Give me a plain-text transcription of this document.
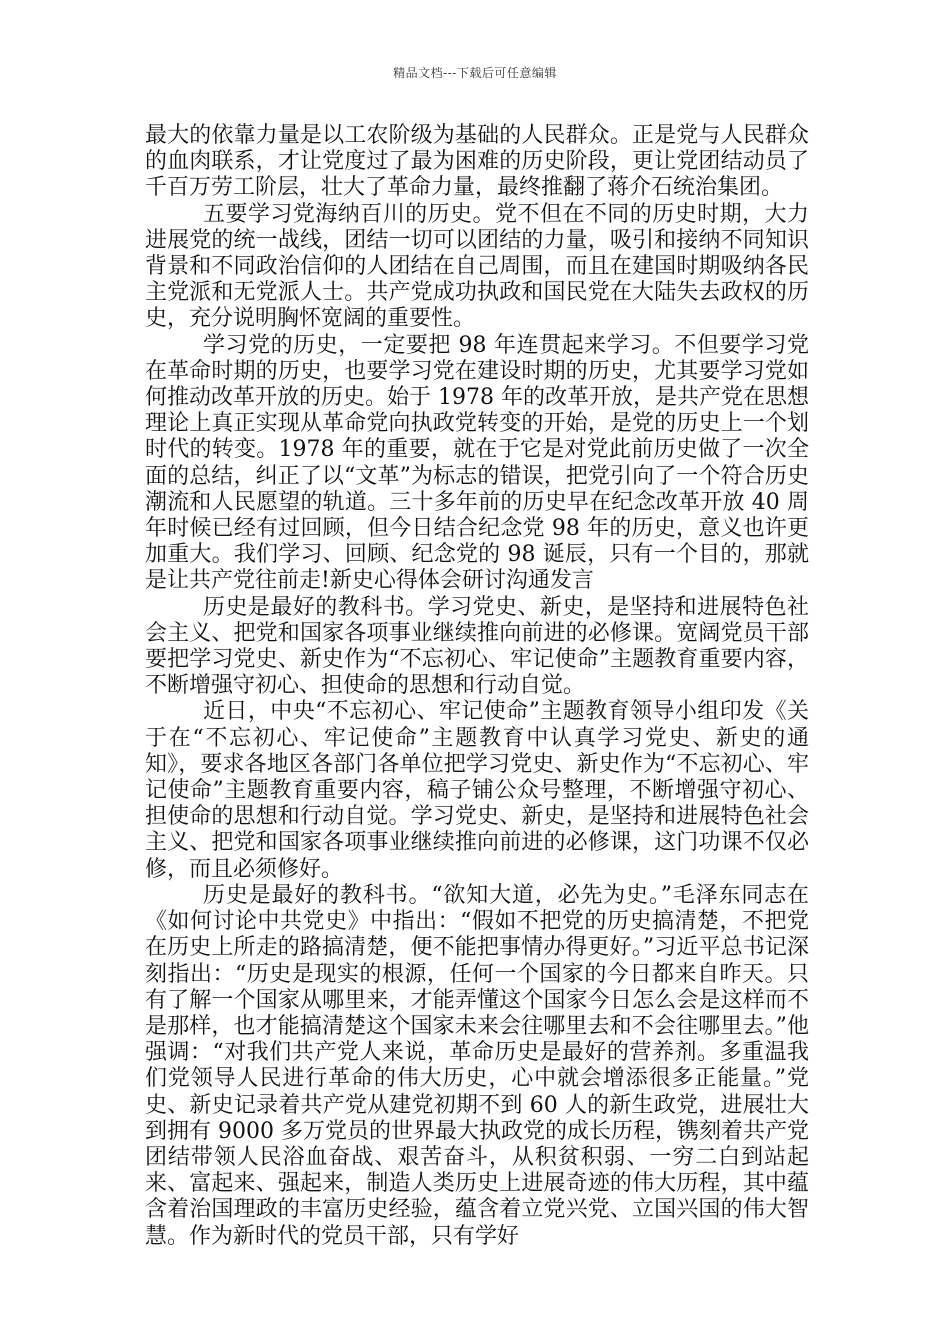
精品文档---下载后可任意编辑

最大的依靠力量是以工农阶级为基础的人民群众。正是党与人民群众的血肉联系，才让党度过了最为困难的历史阶段，更让党团结动员了千百万劳工阶层，壮大了革命力量，最终推翻了蒋介石统治集团。

五要学习党海纳百川的历史。党不但在不同的历史时期，大力进展党的统一战线，团结一切可以团结的力量，吸引和接纳不同知识背景和不同政治信仰的人团结在自己周围，而且在建国时期吸纳各民主党派和无党派人士。共产党成功执政和国民党在大陆失去政权的历史，充分说明胸怀宽阔的重要性。

学习党的历史，一定要把 98 年连贯起来学习。不但要学习党在革命时期的历史，也要学习党在建设时期的历史，尤其要学习党如何推动改革开放的历史。始于 1978 年的改革开放，是共产党在思想理论上真正实现从革命党向执政党转变的开始，是党的历史上一个划时代的转变。1978 年的重要，就在于它是对党此前历史做了一次全面的总结，纠正了以“文革”为标志的错误，把党引向了一个符合历史潮流和人民愿望的轨道。三十多年前的历史早在纪念改革开放 40 周年时候已经有过回顾，但今日结合纪念党 98 年的历史，意义也许更加重大。我们学习、回顾、纪念党的 98 诞辰，只有一个目的，那就是让共产党往前走!新史心得体会研讨沟通发言

历史是最好的教科书。学习党史、新史，是坚持和进展特色社会主义、把党和国家各项事业继续推向前进的必修课。宽阔党员干部要把学习党史、新史作为“不忘初心、牢记使命”主题教育重要内容，不断增强守初心、担使命的思想和行动自觉。

近日，中央“不忘初心、牢记使命”主题教育领导小组印发《关于在“不忘初心、牢记使命”主题教育中认真学习党史、新史的通知》，要求各地区各部门各单位把学习党史、新史作为“不忘初心、牢记使命”主题教育重要内容，稿子铺公众号整理，不断增强守初心、担使命的思想和行动自觉。学习党史、新史，是坚持和进展特色社会主义、把党和国家各项事业继续推向前进的必修课，这门功课不仅必修，而且必须修好。

历史是最好的教科书。“欲知大道，必先为史。”毛泽东同志在《如何讨论中共党史》中指出：“假如不把党的历史搞清楚，不把党在历史上所走的路搞清楚，便不能把事情办得更好。”习近平总书记深刻指出：“历史是现实的根源，任何一个国家的今日都来自昨天。只有了解一个国家从哪里来，才能弄懂这个国家今日怎么会是这样而不是那样，也才能搞清楚这个国家未来会往哪里去和不会往哪里去。”他强调：“对我们共产党人来说，革命历史是最好的营养剂。多重温我们党领导人民进行革命的伟大历史，心中就会增添很多正能量。”党史、新史记录着共产党从建党初期不到 60 人的新生政党，进展壮大到拥有 9000 多万党员的世界最大执政党的成长历程，镌刻着共产党团结带领人民浴血奋战、艰苦奋斗，从积贫积弱、一穷二白到站起来、富起来、强起来，制造人类历史上进展奇迹的伟大历程，其中蕴含着治国理政的丰富历史经验，蕴含着立党兴党、立国兴国的伟大智慧。作为新时代的党员干部，只有学好
